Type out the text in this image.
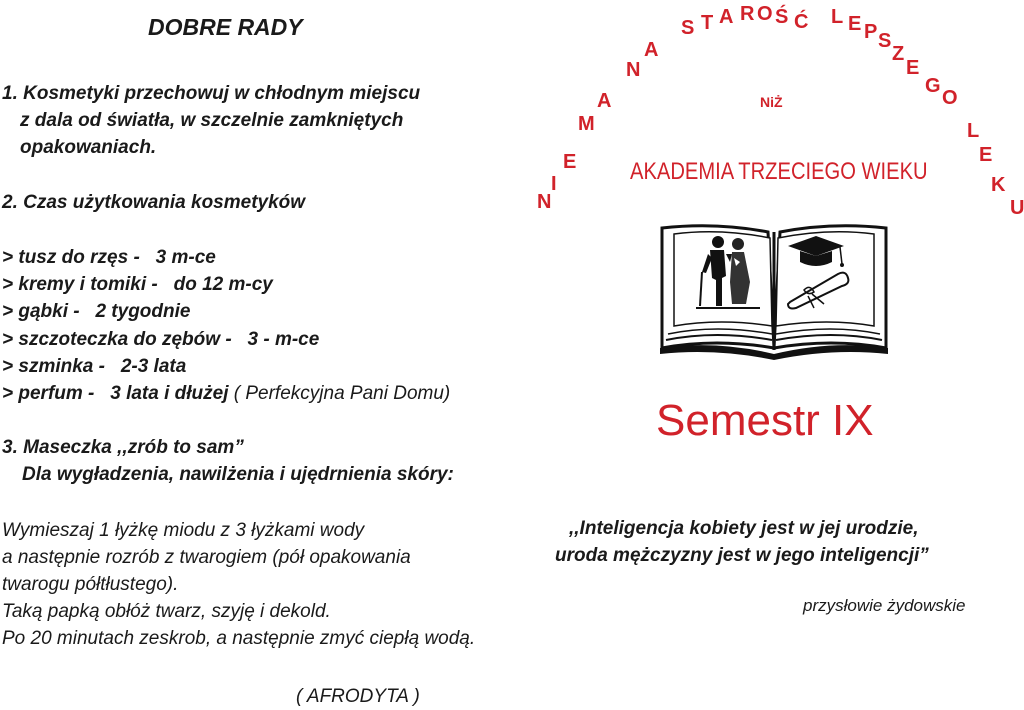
DOBRE RADY
1. Kosmetyki przechowuj w chłodnym miejscu
z dala od światła, w szczelnie zamkniętych
opakowaniach.
2. Czas użytkowania kosmetyków
> tusz do rzęs - 3 m-ce
> kremy i tomiki - do 12 m-cy
> gąbki - 2 tygodnie
> szczoteczka do zębów - 3 - m-ce
> szminka - 2-3 lata
> perfum - 3 lata i dłużej ( Perfekcyjna Pani Domu)
3. Maseczka ,,zrób to sam”
Dla wygładzenia, nawilżenia i ujędrnienia skóry:
Wymieszaj 1 łyżkę miodu z 3 łyżkami wody
a następnie rozrób z twarogiem (pół opakowania
twarogu półtłustego).
Taką papką obłóż twarz, szyję i dekold.
Po 20 minutach zeskrob, a następnie zmyć ciepłą wodą.
( AFRODYTA )
N
I
E
M
A
N
A
S T A R O Ś Ć L E P S
Z
E
G
O
L
E
K
U
NiŻ
AKADEMIA TRZECIEGO WIEKU
Semestr IX
,,Inteligencja kobiety jest w jej urodzie,
uroda mężczyzny jest w jego inteligencji”
przysłowie żydowskie
